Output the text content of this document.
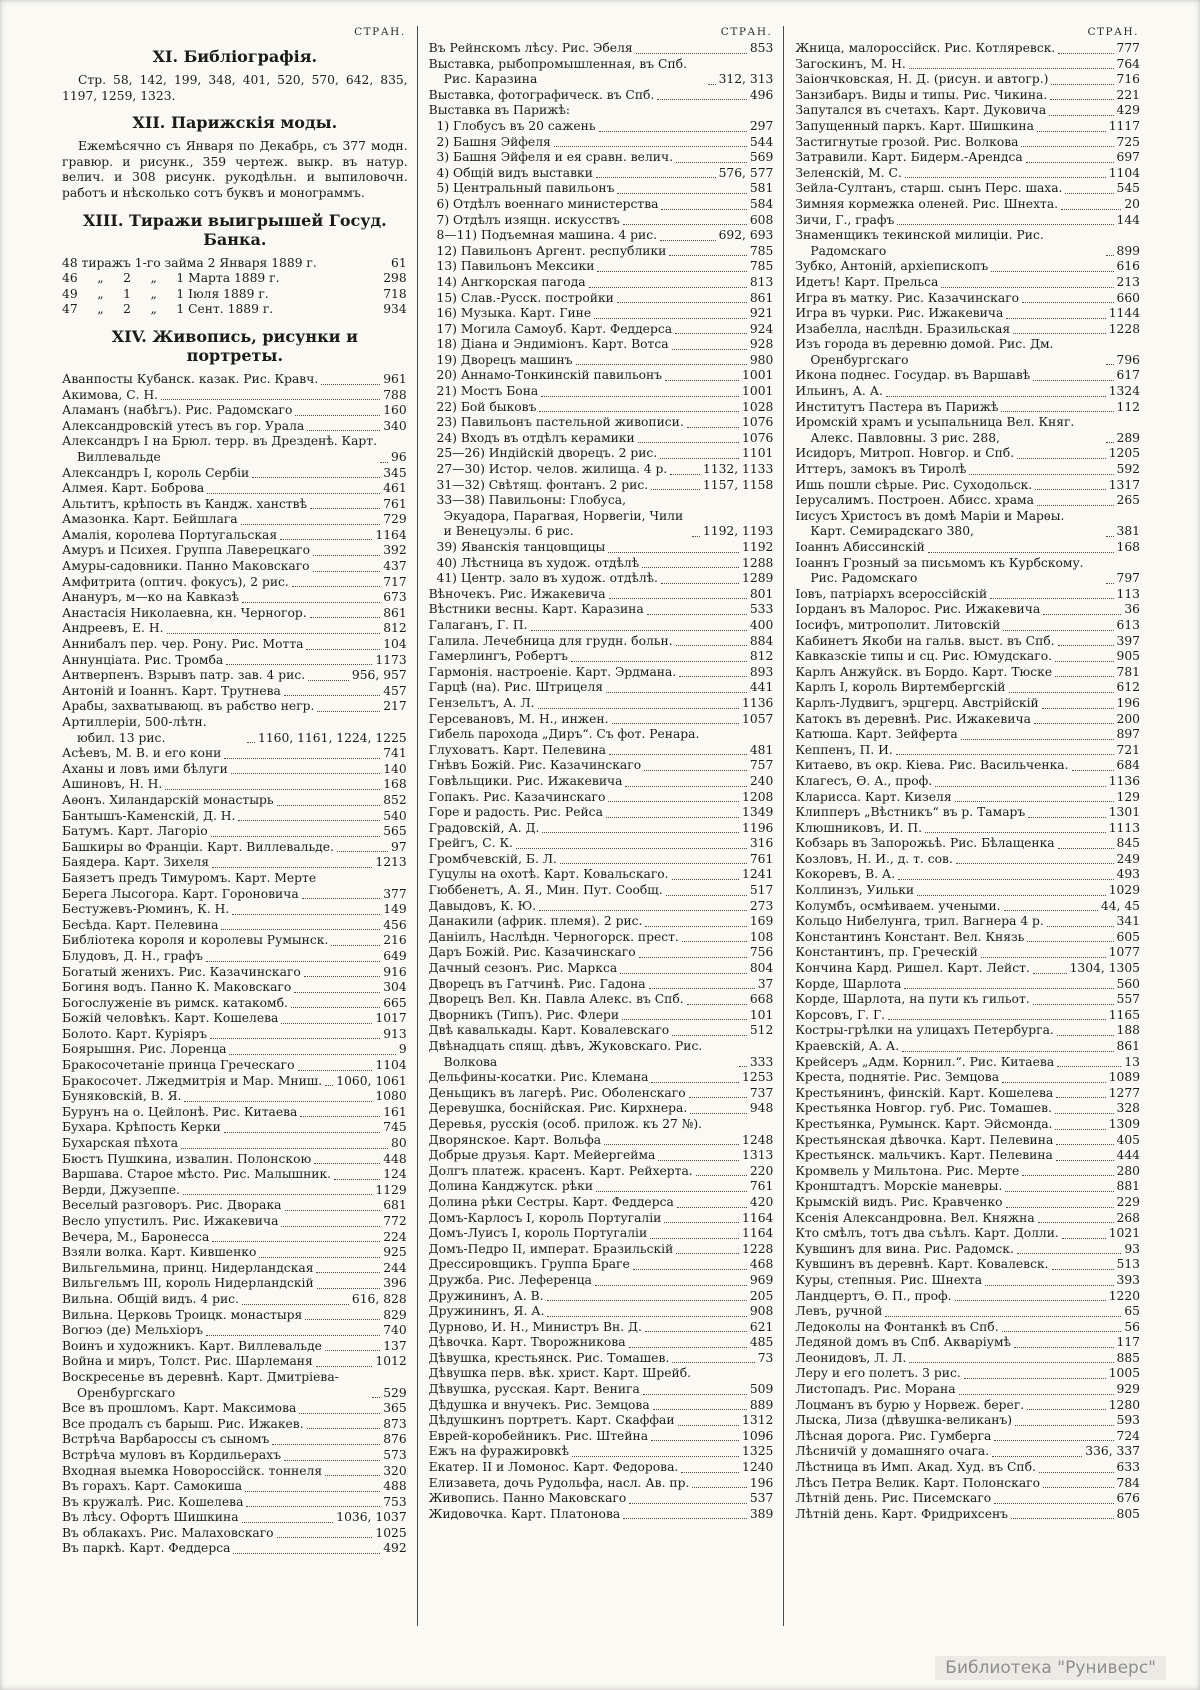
СТРАН.
XI. Библіографія.

Стр. 58, 142, 199, 348, 401, 520, 570, 642, 835, 1197, 1259, 1323.

XII. Парижскія моды.

Ежемѣсячно съ Января по Декабрь, съ 377 модн. гравюр. и рисунк., 359 чертеж. выкр. въ натур. велич. и 308 рисунк. рукодѣльн. и выпиловочн. работъ и нѣсколько сотъ буквъ и монограммъ.

XIII. Тиражи выигрышей Госуд. Банка.
48 тиражъ 1-го займа 2 Января 1889 г.	61
46     „     2     „     1 Марта 1889 г.	298
49     „     1     „     1 Іюля 1889 г.	718
47     „     2     „     1 Сент. 1889 г.	934
XIV. Живопись, рисунки и портреты.
Аванпосты Кубанск. казак. Рис. Кравч.	961
Акимова, С. Н.	788
Аламанъ (набѣгъ). Рис. Радомскаго	160
Александровскій утесъ въ гор. Урала	340
Александръ I на Брюл. терр. въ Дрезденѣ. Карт. Виллевальде	96
Александръ I, король Сербіи	345
Алмея. Карт. Боброва	461
Альтитъ, крѣпость въ Кандж. ханствѣ	761
Амазонка. Карт. Бейшлага	729
Амалія, королева Португальская	1164
Амуръ и Психея. Группа Лаверецкаго	392
Амуры-садовники. Панно Маковскаго	437
Амфитрита (оптич. фокусъ), 2 рис.	717
Анануръ, м—ко на Кавказѣ	673
Анастасія Николаевна, кн. Черногор.	861
Андреевъ, Е. Н.	812
Аннибалъ пер. чер. Рону. Рис. Мотта	104
Аннунціата. Рис. Тромба	1173
Антверпенъ. Взрывъ патр. зав. 4 рис.	956, 957
Антоній и Іоаннъ. Карт. Трутнева	457
Арабы, захватывающ. въ рабство негр.	217
Артиллеріи, 500-лѣтн. юбил. 13 рис.	1160, 1161, 1224, 1225
Асѣевъ, М. В. и его кони	741
Аханы и ловъ ими бѣлуги	140
Ашиновъ, Н. Н.	168
Аѳонъ. Хиландарскій монастырь	852
Бантышъ-Каменскій, Д. Н.	540
Батумъ. Карт. Лагоріо	565
Башкиры во Франціи. Карт. Виллевальде.	97
Баядера. Карт. Зихеля	1213
Баязетъ предъ Тимуромъ. Карт. Мерте
Берега Лысогора. Карт. Гороновича	377
Бестужевъ-Рюминъ, К. Н.	149
Бесѣда. Карт. Пелевина	456
Библіотека короля и королевы Румынск.	216
Блудовъ, Д. Н., графъ	649
Богатый женихъ. Рис. Казачинскаго	916
Богиня водъ. Панно К. Маковскаго	304
Богослуженіе въ римск. катакомб.	665
Божій человѣкъ. Карт. Кошелева	1017
Болото. Карт. Куріяръ	913
Боярышня. Рис. Лоренца	9
Бракосочетаніе принца Греческаго	1104
Бракосочет. Лжедмитрія и Мар. Мниш. 1060, 1061
Буняковскій, В. Я.	1080
Бурунъ на о. Цейлонѣ. Рис. Китаева	161
Бухара. Крѣпость Керки	745
Бухарская пѣхота	80
Бюстъ Пушкина, извалин. Полонскою	448
Варшава. Старое мѣсто. Рис. Малышник.	124
Верди, Джузеппе.	1129
Веселый разговоръ. Рис. Дворака	681
Весло упустилъ. Рис. Ижакевича	772
Вечера, М., Баронесса	224
Взяли волка. Карт. Кившенко	925
Вильгельмина, принц. Нидерландская	244
Вильгельмъ III, король Нидерландскій	396
Вильна. Общій видъ. 4 рис.	616, 828
Вильна. Церковь Троицк. монастыря	829
Вогюэ (де) Мельхіоръ	740
Воинъ и художникъ. Карт. Виллевальде	137
Война и миръ, Толст. Рис. Шарлеманя	1012
Воскресенье въ деревнѣ. Карт. Дмитріева-Оренбургскаго	529
Все въ прошломъ. Карт. Максимова	365
Все продалъ съ барыш. Рис. Ижакев.	873
Встрѣча Варбароссы съ сыномъ	876
Встрѣча муловъ въ Кордильерахъ	573
Входная выемка Новороссійск. тоннеля	320
Въ горахъ. Карт. Самокиша	488
Въ кружалѣ. Рис. Кошелева	753
Въ лѣсу. Офортъ Шишкина	1036, 1037
Въ облакахъ. Рис. Малаховскаго	1025
Въ паркѣ. Карт. Феддерса	492
СТРАН.
Въ Рейнскомъ лѣсу. Рис. Эбеля	853
Выставка, рыбопромышленная, въ Спб. Рис. Каразина	312, 313
Выставка, фотографическ. въ Спб.	496
Выставка въ Парижѣ:
1) Глобусъ въ 20 сажень	297
2) Башня Эйфеля	544
3) Башня Эйфеля и ея сравн. велич.	569
4) Общій видъ выставки	576, 577
5) Центральный павильонъ	581
6) Отдѣлъ военнаго министерства	584
7) Отдѣлъ изящн. искусствъ	608
8—11) Подъемная машина. 4 рис.	692, 693
12) Павильонъ Аргент. республики	785
13) Павильонъ Мексики	785
14) Ангкорская пагода	813
15) Слав.-Русск. постройки	861
16) Музыка. Карт. Гине	921
17) Могила Самоуб. Карт. Феддерса	924
18) Діана и Эндиміонъ. Карт. Вотса	928
19) Дворецъ машинъ	980
20) Аннамо-Тонкинскій павильонъ	1001
21) Мостъ Бона	1001
22) Бой быковъ	1028
23) Павильонъ пастельной живописи.	1076
24) Входъ въ отдѣлъ керамики	1076
25—26) Индійскій дворецъ. 2 рис.	1101
27—30) Истор. челов. жилища. 4 р.	1132, 1133
31—32) Свѣтящ. фонтанъ. 2 рис.	1157, 1158
33—38) Павильоны: Глобуса, Экуадора, Парагвая, Норвегіи, Чили и Венецуэлы. 6 рис.	1192, 1193
39) Яванскія танцовщицы	1192
40) Лѣстница въ худож. отдѣлѣ	1288
41) Центр. зало въ худож. отдѣлѣ.	1289
Вѣночекъ. Рис. Ижакевича	801
Вѣстники весны. Карт. Каразина	533
Галаганъ, Г. П.	400
Галила. Лечебница для грудн. больн.	884
Гамерлингъ, Робертъ	812
Гармонія. настроеніе. Карт. Эрдмана.	893
Гарцѣ (на). Рис. Штрицеля	441
Гензельтъ, А. Л.	1136
Герсевановъ, М. Н., инжен.	1057
Гибель парохода „Диръ“. Съ фот. Ренара.
Глуховатъ. Карт. Пелевина	481
Гнѣвъ Божій. Рис. Казачинскаго	757
Говѣльщики. Рис. Ижакевича	240
Гопакъ. Рис. Казачинскаго	1208
Горе и радость. Рис. Рейса	1349
Градовскій, А. Д.	1196
Грейгъ, С. К.	316
Громбчевскій, Б. Л.	761
Гуцулы на охотѣ. Карт. Ковальскаго.	1241
Гюббенетъ, А. Я., Мин. Пут. Сообщ.	517
Давыдовъ, К. Ю.	273
Данакили (африк. племя). 2 рис.	169
Даніилъ, Наслѣдн. Черногорск. прест.	108
Даръ Божій. Рис. Казачинскаго	756
Дачный сезонъ. Рис. Маркса	804
Дворецъ въ Гатчинѣ. Рис. Гадона	37
Дворецъ Вел. Кн. Павла Алекс. въ Спб.	668
Дворникъ (Типъ). Рис. Флери	101
Двѣ кавалькады. Карт. Ковалевскаго	512
Двѣнадцать спящ. дѣвъ, Жуковскаго. Рис. Волкова	333
Дельфины-косатки. Рис. Клемана	1253
Деньщикъ въ лагерѣ. Рис. Оболенскаго	737
Деревушка, боснійская. Рис. Кирхнера.	948
Деревья, русскія (особ. прилож. къ 27 №).
Дворянское. Карт. Вольфа	1248
Добрые друзья. Карт. Мейергейма	1313
Долгъ платеж. красенъ. Карт. Рейхерта.	220
Долина Канджутск. рѣки	761
Долина рѣки Сестры. Карт. Феддерса	420
Домъ-Карлосъ I, король Португаліи	1164
Домъ-Луисъ I, король Португаліи	1164
Домъ-Педро II, императ. Бразильскій	1228
Дрессировщикъ. Группа Браге	468
Дружба. Рис. Леференца	969
Дружининъ, А. В.	205
Дружининъ, Я. А.	908
Дурново, И. Н., Министръ Вн. Д.	621
Дѣвочка. Карт. Творожникова	485
Дѣвушка, крестьянск. Рис. Томашев.	73
Дѣвушка перв. вѣк. христ. Карт. Шрейб.
Дѣвушка, русская. Карт. Венига	509
Дѣдушка и внучекъ. Рис. Земцова	889
Дѣдушкинъ портретъ. Карт. Скаффаи	1312
Еврей-коробейникъ. Рис. Штейна	1096
Ежъ на фуражировкѣ	1325
Екатер. II и Ломонос. Карт. Федорова.	1240
Елизавета, дочь Рудольфа, насл. Ав. пр.	196
Живопись. Панно Маковскаго	537
Жидовочка. Карт. Платонова	389
СТРАН.
Жница, малороссійск. Рис. Котляревск.	777
Загоскинъ, М. Н.	764
Заіончковская, Н. Д. (рисун. и автогр.)	716
Занзибаръ. Виды и типы. Рис. Чикина.	221
Запутался въ счетахъ. Карт. Дуковича	429
Запущенный паркъ. Карт. Шишкина	1117
Застигнутые грозой. Рис. Волкова	725
Затравили. Карт. Бидерм.-Арендса	697
Зеленскій, М. С.	1104
Зейла-Султанъ, старш. сынъ Перс. шаха.	545
Зимняя кормежка оленей. Рис. Шнехта.	20
Зичи, Г., графъ	144
Знаменщикъ текинской милиціи. Рис. Радомскаго	899
Зубко, Антоній, архіепископъ	616
Идетъ! Карт. Прельса	213
Игра въ матку. Рис. Казачинскаго	660
Игра въ чурки. Рис. Ижакевича	1144
Изабелла, наслѣдн. Бразильская	1228
Изъ города въ деревню домой. Рис. Дм. Оренбургскаго	796
Икона поднес. Государ. въ Варшавѣ	617
Ильинъ, А. А.	1324
Институтъ Пастера въ Парижѣ	112
Иромскій храмъ и усыпальница Вел. Княг. Алекс. Павловны. 3 рис. 288,	289
Исидоръ, Митроп. Новгор. и Спб.	1205
Иттеръ, замокъ въ Тиролѣ	592
Ишь пошли сѣрые. Рис. Суходольск.	1317
Іерусалимъ. Построен. Абисс. храма	265
Іисусъ Христосъ въ домѣ Маріи и Марѳы. Карт. Семирадскаго 380,	381
Іоаннъ Абиссинскій	168
Іоаннъ Грозный за письмомъ къ Курбскому. Рис. Радомскаго	797
Іовъ, патріархъ всероссійскій	113
Іорданъ въ Малорос. Рис. Ижакевича	36
Іосифъ, митрополит. Литовскій	613
Кабинетъ Якоби на гальв. выст. въ Спб.	397
Кавказскіе типы и сц. Рис. Юмудскаго.	905
Карлъ Анжуйск. въ Бордо. Карт. Тюске	781
Карлъ I, король Виртембергскій	612
Карлъ-Лудвигъ, эрцгерц. Австрійскій	196
Катокъ въ деревнѣ. Рис. Ижакевича	200
Катюша. Карт. Зейферта	897
Кеппенъ, П. И.	721
Китаево, въ окр. Кіева. Рис. Васильченка.	684
Клагесъ, Ѳ. А., проф.	1136
Кларисса. Карт. Кизеля	129
Клипперъ „Вѣстникъ“ въ р. Тамаръ	1301
Клюшниковъ, И. П.	1113
Кобзарь въ Запорожьѣ. Рис. Бѣлащенка	845
Козловъ, Н. И., д. т. сов.	249
Кокоревъ, В. А.	493
Коллинзъ, Уильки	1029
Колумбъ, осмѣиваем. учеными.	44, 45
Кольцо Нибелунга, трил. Вагнера 4 р.	341
Константинъ Констант. Вел. Князь	605
Константинъ, пр. Греческій	1077
Кончина Кард. Ришел. Карт. Лейст.	1304, 1305
Корде, Шарлота	560
Корде, Шарлота, на пути къ гильот.	557
Корсовъ, Г. Г.	1165
Костры-грѣлки на улицахъ Петербурга.	188
Краевскій, А. А.	861
Крейсеръ „Адм. Корнил.“. Рис. Китаева	13
Креста, поднятіе. Рис. Земцова	1089
Крестьянинъ, финскій. Карт. Кошелева	1277
Крестьянка Новгор. губ. Рис. Томашев.	328
Крестьянка, Румынск. Карт. Эйсмонда.	1309
Крестьянская дѣвочка. Карт. Пелевина	405
Крестьянск. мальчикъ. Карт. Пелевина	444
Кромвель у Мильтона. Рис. Мерте	280
Кронштадтъ. Морскіе маневры.	881
Крымскій видъ. Рис. Кравченко	229
Ксенія Александровна. Вел. Княжна	268
Кто смѣлъ, тотъ два съѣлъ. Карт. Долли.	1021
Кувшинъ для вина. Рис. Радомск.	93
Кувшинъ въ деревнѣ. Карт. Ковалевск.	513
Куры, степныя. Рис. Шнехта	393
Ландцертъ, Ѳ. П., проф.	1220
Левъ, ручной	65
Ледоколы на Фонтанкѣ въ Спб.	56
Ледяной домъ въ Спб. Аквaріумѣ	117
Леонидовъ, Л. Л.	885
Леру и его полетъ. 3 рис.	1005
Листопадъ. Рис. Морана	929
Лоцманъ въ бурю у Норвеж. берег.	1280
Лыска, Лиза (дѣвушка-великанъ)	593
Лѣсная дорога. Рис. Гумберга	724
Лѣсничій у домашняго очага.	336, 337
Лѣстница въ Имп. Акад. Худ. въ Спб.	633
Лѣсъ Петра Велик. Карт. Полонскаго	784
Лѣтній день. Рис. Писемскаго	676
Лѣтній день. Карт. Фридрихсенъ	805
Библиотека "Руниверс"
